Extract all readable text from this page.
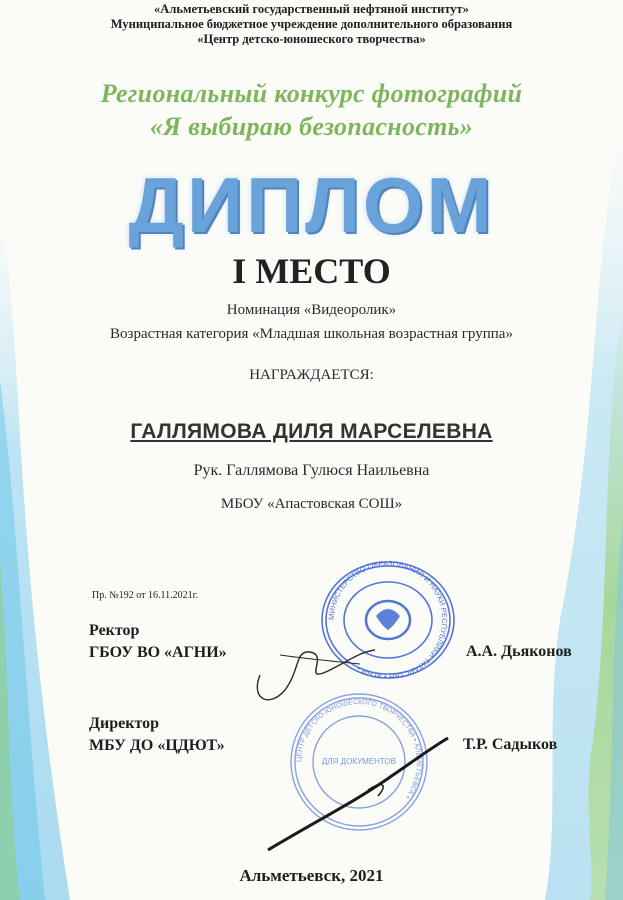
«Альметьевский государственный нефтяной институт»
Муниципальное бюджетное учреждение дополнительного образования
«Центр детско-юношеского творчества»
Региональный конкурс фотографий
«Я выбираю безопасность»
ДИПЛОМ
I МЕСТО
Номинация «Видеоролик»
Возрастная категория «Младшая школьная возрастная группа»
НАГРАЖДАЕТСЯ:
ГАЛЛЯМОВА ДИЛЯ МАРСЕЛЕВНА
Рук. Галлямова Гулюся Наильевна
МБОУ «Апастовская СОШ»
Пр. №192 от 16.11.2021г.
МИНИСТЕРСТВО ОБРАЗОВАНИЯ И НАУКИ РЕСПУБЛИКИ ТАТАРСТАН • АГНИ •
ЦЕНТР ДЕТСКО-ЮНОШЕСКОГО ТВОРЧЕСТВА • АЛЬМЕТЬЕВСК •
ДЛЯ ДОКУМЕНТОВ
Ректор
ГБОУ ВО «АГНИ»	А.А. Дьяконов
Директор
МБУ ДО «ЦДЮТ»	Т.Р. Садыков
Альметьевск, 2021
